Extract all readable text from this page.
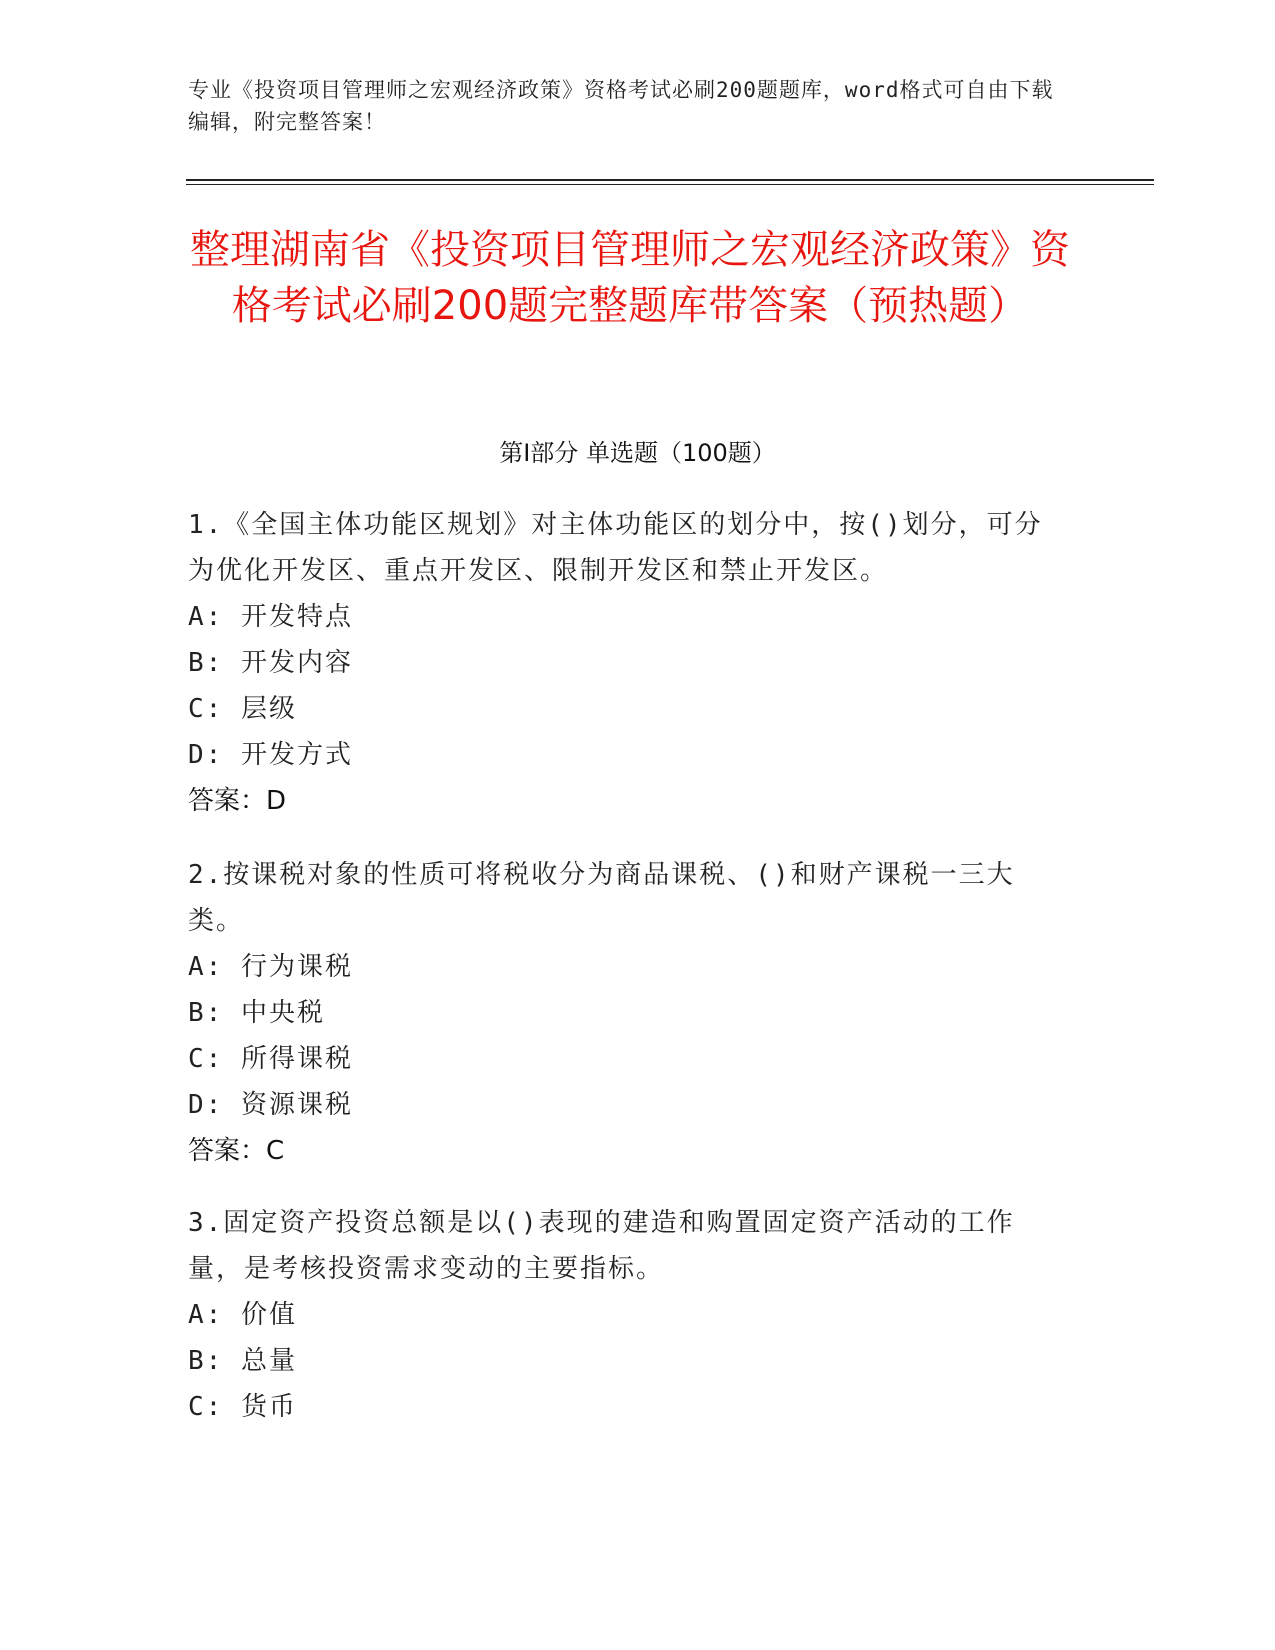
专业《投资项目管理师之宏观经济政策》资格考试必刷200题题库，word格式可自由下载编辑，附完整答案！
整理湖南省《投资项目管理师之宏观经济政策》资格考试必刷200题完整题库带答案（预热题）
第I部分 单选题（100题）
1.《全国主体功能区规划》对主体功能区的划分中，按()划分，可分为优化开发区、重点开发区、限制开发区和禁止开发区。
A: 开发特点
B: 开发内容
C: 层级
D: 开发方式
答案：D
2.按课税对象的性质可将税收分为商品课税、()和财产课税一三大类。
A: 行为课税
B: 中央税
C: 所得课税
D: 资源课税
答案：C
3.固定资产投资总额是以()表现的建造和购置固定资产活动的工作量，是考核投资需求变动的主要指标。
A: 价值
B: 总量
C: 货币
